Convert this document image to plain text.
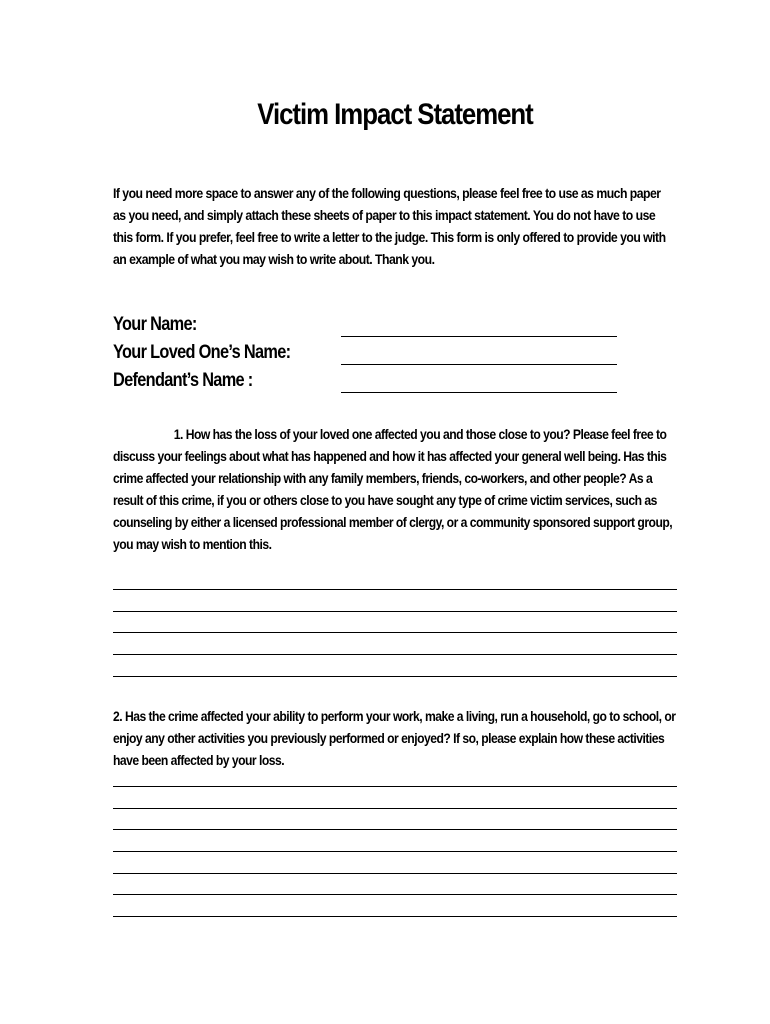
Victim Impact Statement

If you need more space to answer any of the following questions, please feel free to use as much paper as you need, and simply attach these sheets of paper to this impact statement. You do not have to use this form. If you prefer, feel free to write a letter to the judge. This form is only offered to provide you with an example of what you may wish to write about. Thank you.

Your Name:
Your Loved One’s Name:
Defendant’s Name :

1. How has the loss of your loved one affected you and those close to you? Please feel free to discuss your feelings about what has happened and how it has affected your general well being. Has this crime affected your relationship with any family members, friends, co-workers, and other people? As a result of this crime, if you or others close to you have sought any type of crime victim services, such as counseling by either a licensed professional member of clergy, or a community sponsored support group, you may wish to mention this.

2. Has the crime affected your ability to perform your work, make a living, run a household, go to school, or enjoy any other activities you previously performed or enjoyed? If so, please explain how these activities have been affected by your loss.
